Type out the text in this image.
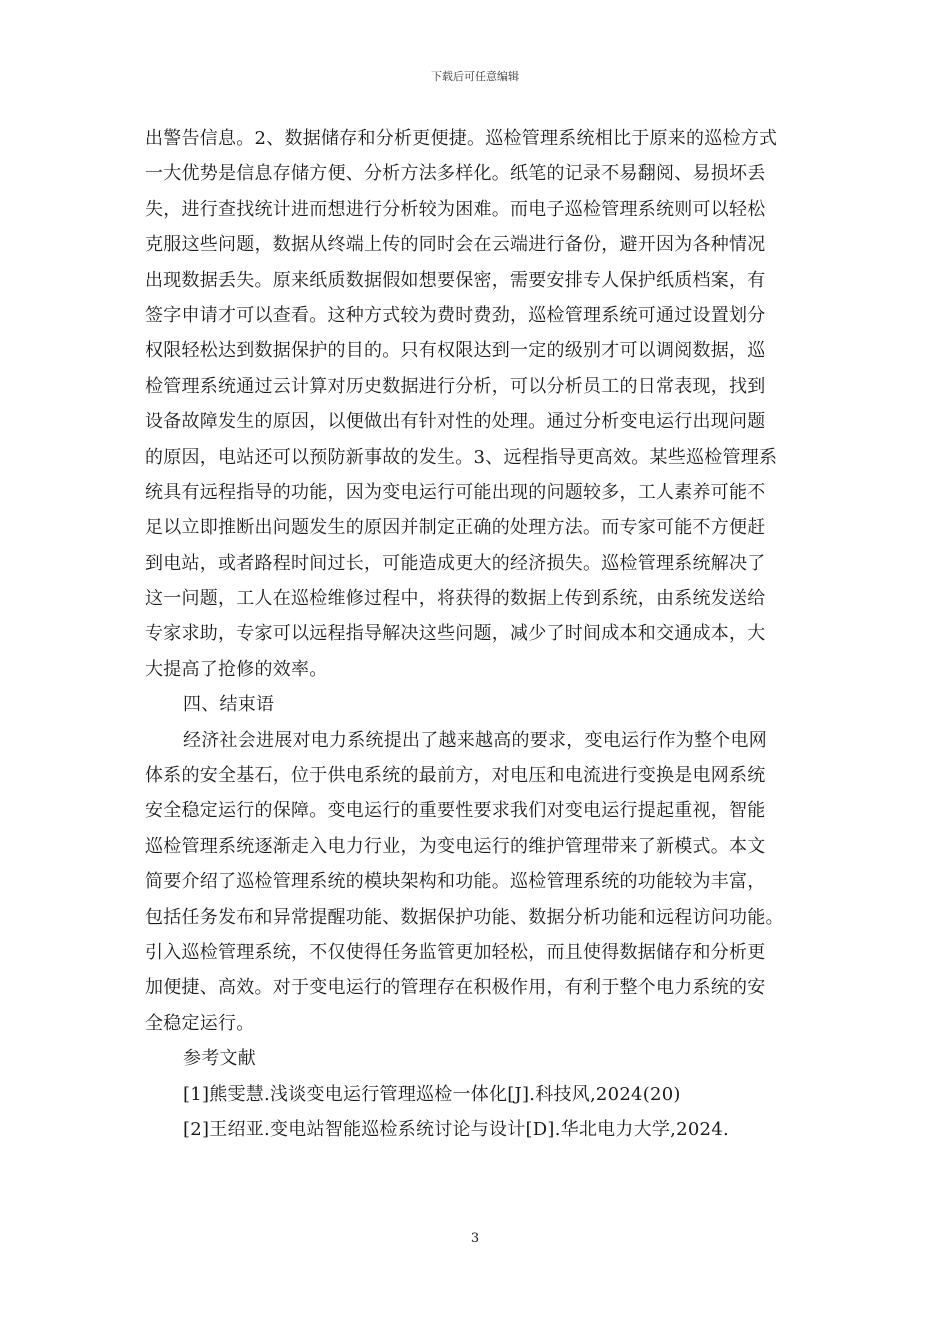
下载后可任意编辑
出警告信息。2、数据储存和分析更便捷。巡检管理系统相比于原来的巡检方式
一大优势是信息存储方便、分析方法多样化。纸笔的记录不易翻阅、易损坏丢
失，进行查找统计进而想进行分析较为困难。而电子巡检管理系统则可以轻松
克服这些问题，数据从终端上传的同时会在云端进行备份，避开因为各种情况
出现数据丢失。原来纸质数据假如想要保密，需要安排专人保护纸质档案，有
签字申请才可以查看。这种方式较为费时费劲，巡检管理系统可通过设置划分
权限轻松达到数据保护的目的。只有权限达到一定的级别才可以调阅数据，巡
检管理系统通过云计算对历史数据进行分析，可以分析员工的日常表现，找到
设备故障发生的原因，以便做出有针对性的处理。通过分析变电运行出现问题
的原因，电站还可以预防新事故的发生。3、远程指导更高效。某些巡检管理系
统具有远程指导的功能，因为变电运行可能出现的问题较多，工人素养可能不
足以立即推断出问题发生的原因并制定正确的处理方法。而专家可能不方便赶
到电站，或者路程时间过长，可能造成更大的经济损失。巡检管理系统解决了
这一问题，工人在巡检维修过程中，将获得的数据上传到系统，由系统发送给
专家求助，专家可以远程指导解决这些问题，减少了时间成本和交通成本，大
大提高了抢修的效率。
四、结束语
经济社会进展对电力系统提出了越来越高的要求，变电运行作为整个电网
体系的安全基石，位于供电系统的最前方，对电压和电流进行变换是电网系统
安全稳定运行的保障。变电运行的重要性要求我们对变电运行提起重视，智能
巡检管理系统逐渐走入电力行业，为变电运行的维护管理带来了新模式。本文
简要介绍了巡检管理系统的模块架构和功能。巡检管理系统的功能较为丰富，
包括任务发布和异常提醒功能、数据保护功能、数据分析功能和远程访问功能。
引入巡检管理系统，不仅使得任务监管更加轻松，而且使得数据储存和分析更
加便捷、高效。对于变电运行的管理存在积极作用，有利于整个电力系统的安
全稳定运行。
参考文献
[1]熊雯慧.浅谈变电运行管理巡检一体化[J].科技风,2024(20)
[2]王绍亚.变电站智能巡检系统讨论与设计[D].华北电力大学,2024.
3
